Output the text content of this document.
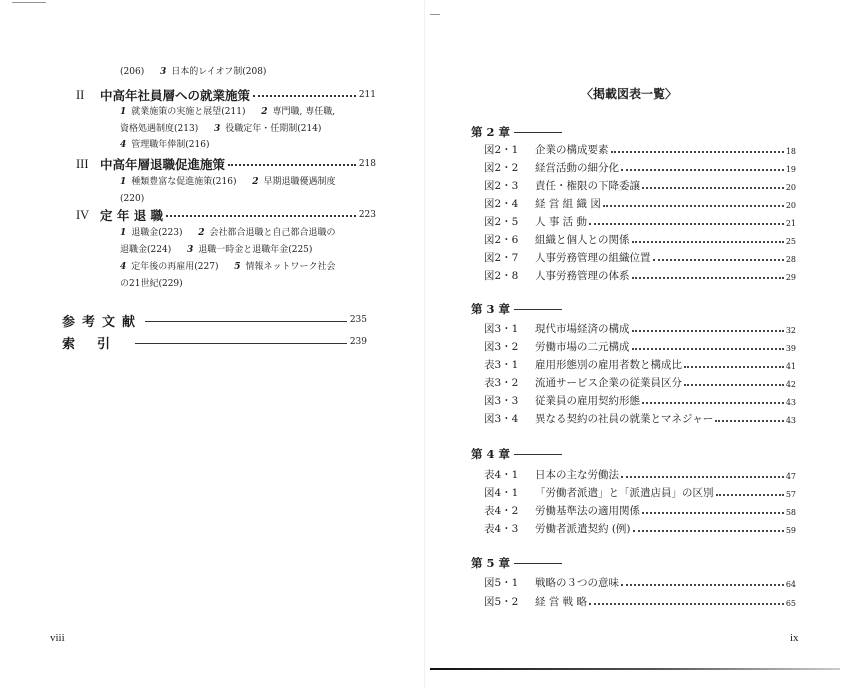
(206) 3 日本的レイオフ制(208)
II	中高年社員層への就業施策	211
1 就業施策の実施と展望(211) 2 専門職, 専任職,
資格処遇制度(213) 3 役職定年・任期制(214)
4 管理職年俸制(216)
III 中高年層退職促進施策	218
1 種類豊富な促進施策(216) 2 早期退職優遇制度
(220)
IV 定 年 退 職	223
1 退職金(223) 2 会社都合退職と自己都合退職の
退職金(224) 3 退職一時金と退職年金(225)
4 定年後の再雇用(227) 5 情報ネットワーク社会
の21世紀(229)
参考文献	235
索引	239
viii
〈掲載図表一覧〉
第 2 章
図2・1	企業の構成要素	18
図2・2	経営活動の細分化	19
図2・3	責任・権限の下降委譲	20
図2・4	経 営 組 織 図	20
図2・5	人 事 活 動	21
図2・6	組織と個人との関係	25
図2・7	人事労務管理の組織位置	28
図2・8	人事労務管理の体系	29
第 3 章
図3・1	現代市場経済の構成	32
図3・2	労働市場の二元構成	39
表3・1	雇用形態別の雇用者数と構成比	41
表3・2	流通サービス企業の従業員区分	42
図3・3	従業員の雇用契約形態	43
図3・4	異なる契約の社員の就業とマネジャー	43
第 4 章
表4・1	日本の主な労働法	47
図4・1	「労働者派遣」と「派遣店員」の区別	57
表4・2	労働基準法の適用関係	58
表4・3	労働者派遣契約 (例)	59
第 5 章
図5・1	戦略の３つの意味	64
図5・2	経 営 戦 略	65
ix
